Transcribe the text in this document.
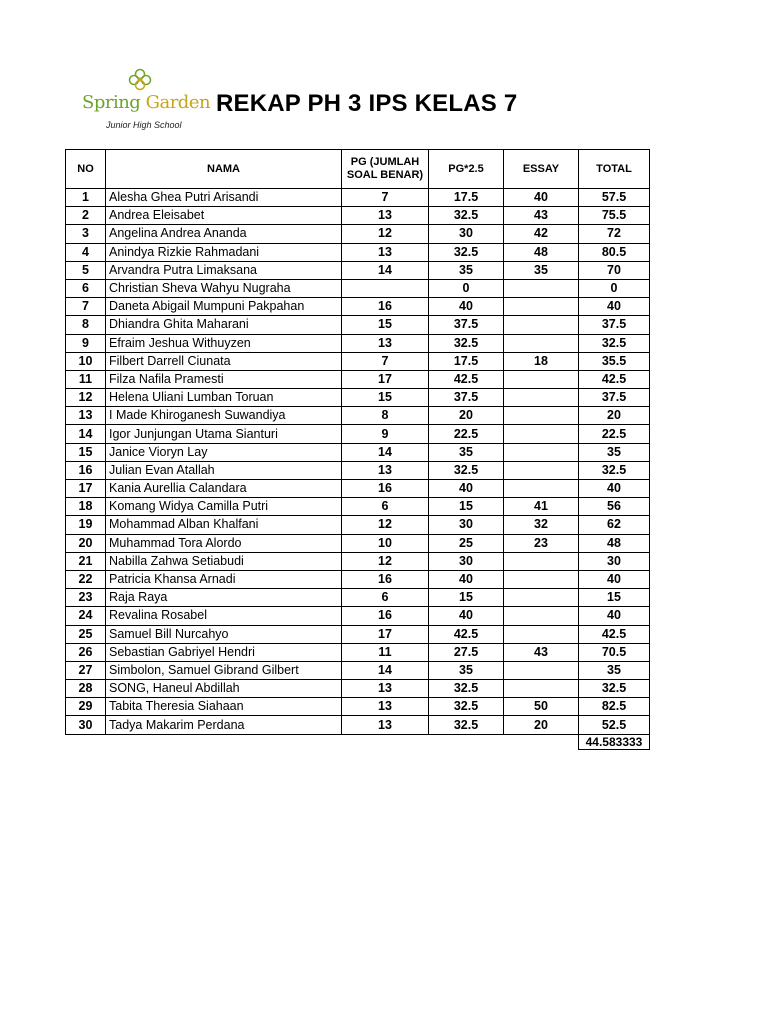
Spring Garden
Junior High School
REKAP PH 3 IPS KELAS 7
NO	NAMA	PG (JUMLAH SOAL BENAR)	PG*2.5	ESSAY	TOTAL
1	Alesha Ghea Putri Arisandi	7	17.5	40	57.5
2	Andrea Eleisabet	13	32.5	43	75.5
3	Angelina Andrea Ananda	12	30	42	72
4	Anindya Rizkie Rahmadani	13	32.5	48	80.5
5	Arvandra Putra Limaksana	14	35	35	70
6	Christian Sheva Wahyu Nugraha		0		0
7	Daneta Abigail Mumpuni Pakpahan	16	40		40
8	Dhiandra Ghita Maharani	15	37.5		37.5
9	Efraim Jeshua Withuyzen	13	32.5		32.5
10	Filbert Darrell Ciunata	7	17.5	18	35.5
11	Filza Nafila Pramesti	17	42.5		42.5
12	Helena Uliani Lumban Toruan	15	37.5		37.5
13	I Made Khiroganesh Suwandiya	8	20		20
14	Igor Junjungan Utama Sianturi	9	22.5		22.5
15	Janice Vioryn Lay	14	35		35
16	Julian Evan Atallah	13	32.5		32.5
17	Kania Aurellia Calandara	16	40		40
18	Komang Widya Camilla Putri	6	15	41	56
19	Mohammad Alban Khalfani	12	30	32	62
20	Muhammad Tora Alordo	10	25	23	48
21	Nabilla Zahwa Setiabudi	12	30		30
22	Patricia Khansa Arnadi	16	40		40
23	Raja Raya	6	15		15
24	Revalina Rosabel	16	40		40
25	Samuel Bill Nurcahyo	17	42.5		42.5
26	Sebastian Gabriyel Hendri	11	27.5	43	70.5
27	Simbolon, Samuel Gibrand Gilbert	14	35		35
28	SONG, Haneul Abdillah	13	32.5		32.5
29	Tabita Theresia Siahaan	13	32.5	50	82.5
30	Tadya Makarim Perdana	13	32.5	20	52.5
					44.583333
